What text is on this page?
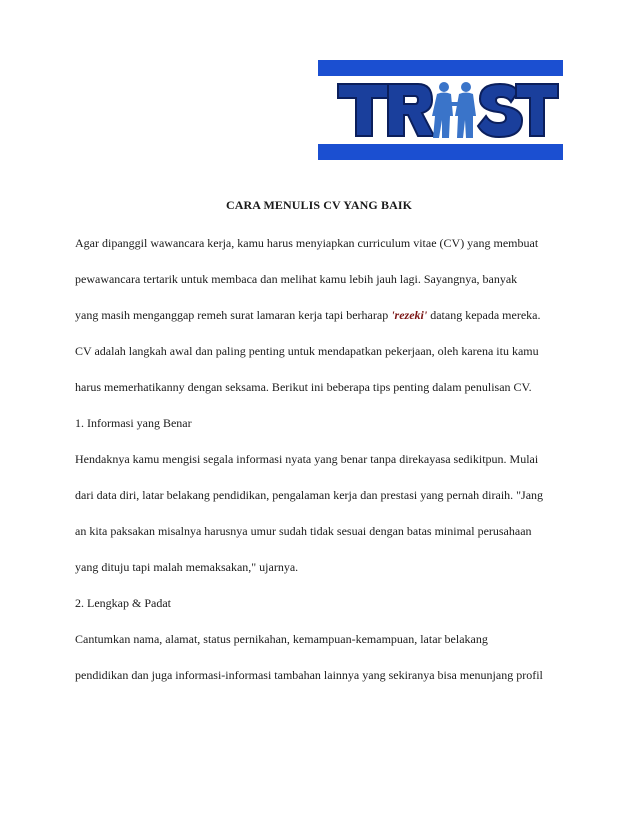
CARA MENULIS CV YANG BAIK
Agar dipanggil wawancara kerja, kamu harus menyiapkan curriculum vitae (CV) yang membuat
pewawancara tertarik untuk membaca dan melihat kamu lebih jauh lagi. Sayangnya, banyak
yang masih menganggap remeh surat lamaran kerja tapi berharap 'rezeki' datang kepada mereka.
CV adalah langkah awal dan paling penting untuk mendapatkan pekerjaan, oleh karena itu kamu
harus memerhatikanny dengan seksama. Berikut ini beberapa tips penting dalam penulisan CV.
1. Informasi yang Benar
Hendaknya kamu mengisi segala informasi nyata yang benar tanpa direkayasa sedikitpun. Mulai
dari data diri, latar belakang pendidikan, pengalaman kerja dan prestasi yang pernah diraih. "Jang
an kita paksakan misalnya harusnya umur sudah tidak sesuai dengan batas minimal perusahaan
yang dituju tapi malah memaksakan," ujarnya.
2. Lengkap & Padat
Cantumkan nama, alamat, status pernikahan, kemampuan-kemampuan, latar belakang
pendidikan dan juga informasi-informasi tambahan lainnya yang sekiranya bisa menunjang profil
